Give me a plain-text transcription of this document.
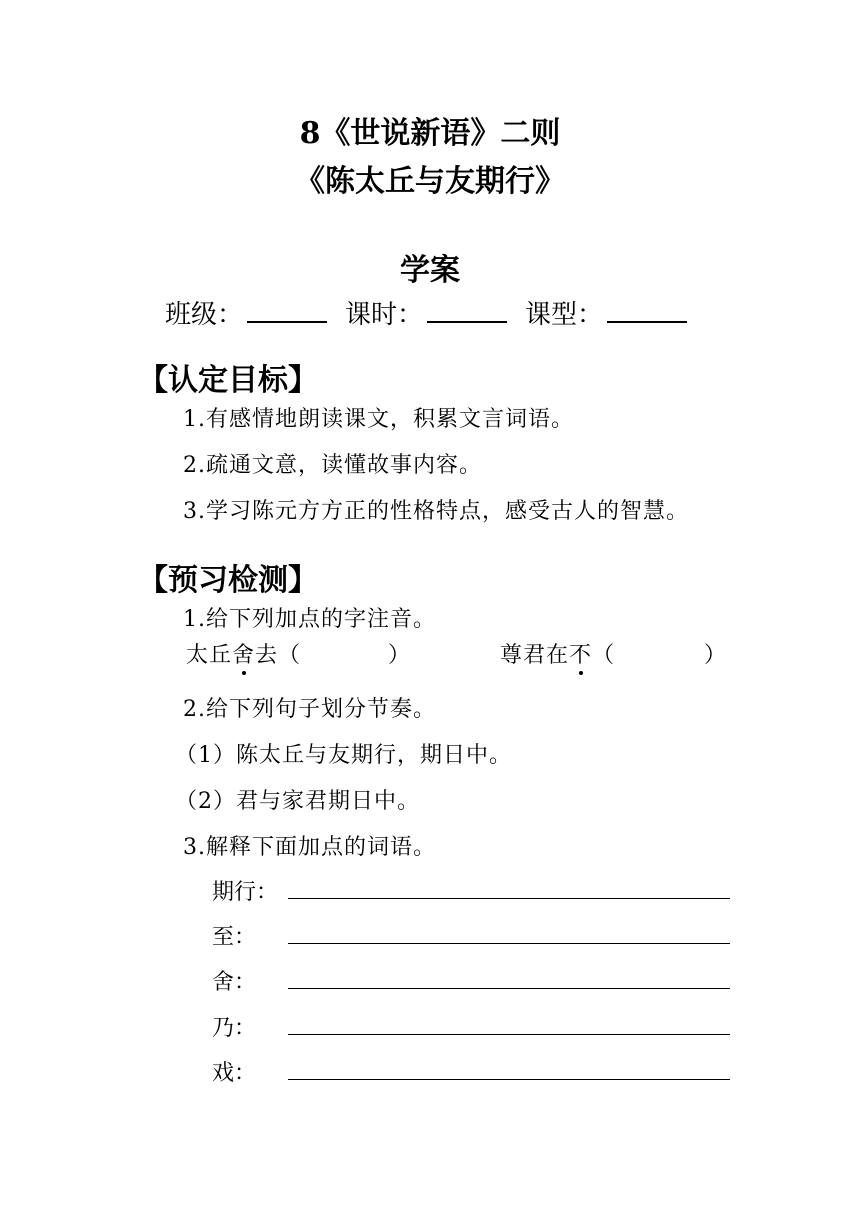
8《世说新语》二则
《陈太丘与友期行》
学案
班级：	课时：	课型：
【认定目标】
1.有感情地朗读课文，积累文言词语。
2.疏通文意，读懂故事内容。
3.学习陈元方方正的性格特点，感受古人的智慧。
【预习检测】
1.给下列加点的字注音。
太丘舍去（	）	尊君在不（	）
2.给下列句子划分节奏。
（1）陈太丘与友期行，期日中。
（2）君与家君期日中。
3.解释下面加点的词语。
期行：
至：
舍：
乃：
戏：
